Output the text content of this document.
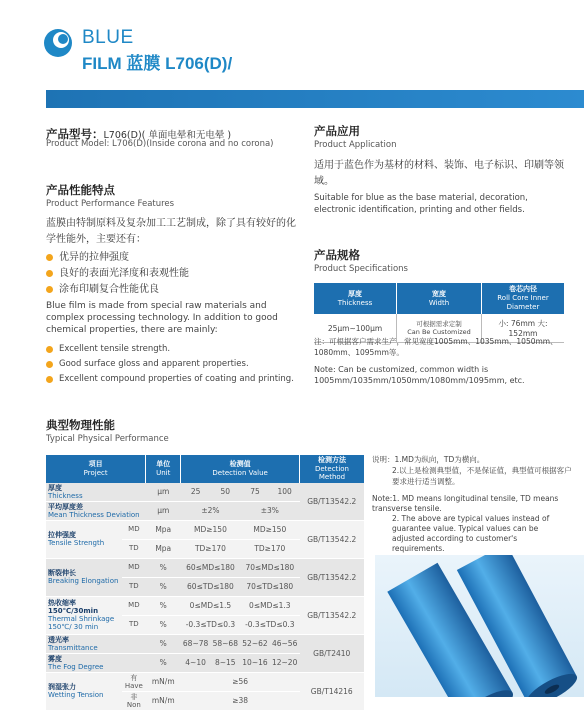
BLUE
FILM 蓝膜 L706(D)/
产品型号：L706(D)( 单面电晕和无电晕 )
Product Model: L706(D)(Inside corona and no corona)
产品性能特点
Product Performance Features
蓝膜由特制原料及复杂加工工艺制成，除了具有较好的化学性能外，主要还有：
优异的拉伸强度
良好的表面光泽度和表观性能
涂布印刷复合性能优良
Blue film is made from special raw materials and complex processing technology. In addition to good chemical properties, there are mainly:
Excellent tensile strength.
Good surface gloss and apparent properties.
Excellent compound properties of coating and printing.
产品应用
Product Application
适用于蓝色作为基材的材料、装饰、电子标识、印刷等领域。
Suitable for blue as the base material, decoration, electronic identification, printing and other fields.
产品规格
Product Specifications
厚度
Thickness	宽度
Width	卷芯内径
Roll Core Inner Diameter

25μm~100μm	可根据需求定制
Can Be Customized	小: 76mm 大: 152mm
注：可根据客户需求生产，常见宽度1005mm、1035mm、1050mm、1080mm、1095mm等。
Note: Can be customized, common width is 1005mm/1035mm/1050mm/1080mm/1095mm, etc.
典型物理性能
Typical Physical Performance
项目
Project		单位
Unit	检测值
Detection Value				检测方法
Detection Method

厚度
Thickness		μm	25	50	75	100	GB/T13542.2

平均厚度差
Mean Thickness Deviation		μm	±2%		±3%		

拉伸强度
Tensile Strength	MD	Mpa	MD≥150		MD≥150		GB/T13542.2
	TD	Mpa	TD≥170		TD≥170		

断裂伸长
Breaking Elongation	MD	%	60≤MD≤180		70≤MD≤180		GB/T13542.2
	TD	%	60≤TD≤180		70≤TD≤180		

热收缩率 150℃/30min
Thermal Shrinkage
150℃/ 30 min	MD	%	0≤MD≤1.5		0≤MD≤1.3		GB/T13542.2
	TD	%	-0.3≤TD≤0.3		-0.3≤TD≤0.3		

透光率
Transmittance		%	68~78	58~68	52~62	46~56	GB/T2410

雾度
The Fog Degree		%	4~10	8~15	10~16	12~20	

润湿张力
Wetting Tension	有
Have	mN/m	≥56				GB/T14216

	非
Non	mN/m	≥38				
说明：1.MD为纵向，TD为横向。
2.以上是检测典型值，不是保证值，典型值可根据客户要求进行适当调整。
Note:1. MD means longitudinal tensile, TD means transverse tensile.
2. The above are typical values instead of guarantee value. Typical values can be adjusted according to customer's requirements.
